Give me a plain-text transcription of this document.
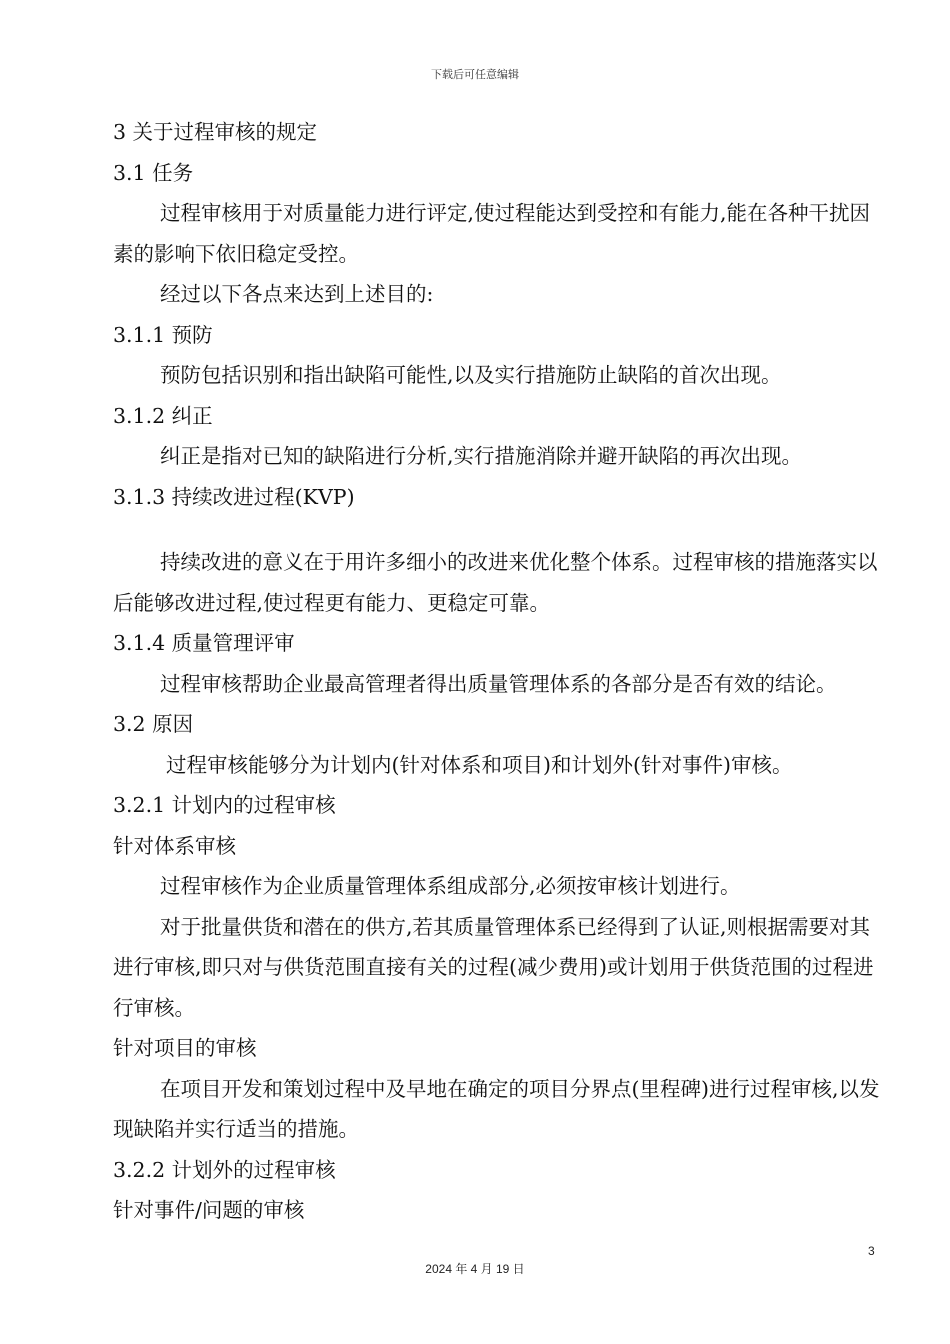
下载后可任意编辑
3 关于过程审核的规定
3.1 任务
过程审核用于对质量能力进行评定,使过程能达到受控和有能力,能在各种干扰因素的影响下依旧稳定受控。
经过以下各点来达到上述目的:
3.1.1 预防
预防包括识别和指出缺陷可能性,以及实行措施防止缺陷的首次出现。
3.1.2 纠正
纠正是指对已知的缺陷进行分析,实行措施消除并避开缺陷的再次出现。
3.1.3 持续改进过程(KVP)
持续改进的意义在于用许多细小的改进来优化整个体系。过程审核的措施落实以后能够改进过程,使过程更有能力、更稳定可靠。
3.1.4 质量管理评审
过程审核帮助企业最高管理者得出质量管理体系的各部分是否有效的结论。
3.2 原因
过程审核能够分为计划内(针对体系和项目)和计划外(针对事件)审核。
3.2.1 计划内的过程审核
针对体系审核
过程审核作为企业质量管理体系组成部分,必须按审核计划进行。
对于批量供货和潜在的供方,若其质量管理体系已经得到了认证,则根据需要对其进行审核,即只对与供货范围直接有关的过程(减少费用)或计划用于供货范围的过程进行审核。
针对项目的审核
在项目开发和策划过程中及早地在确定的项目分界点(里程碑)进行过程审核,以发现缺陷并实行适当的措施。
3.2.2 计划外的过程审核
针对事件/问题的审核
3
2024 年 4 月 19 日
